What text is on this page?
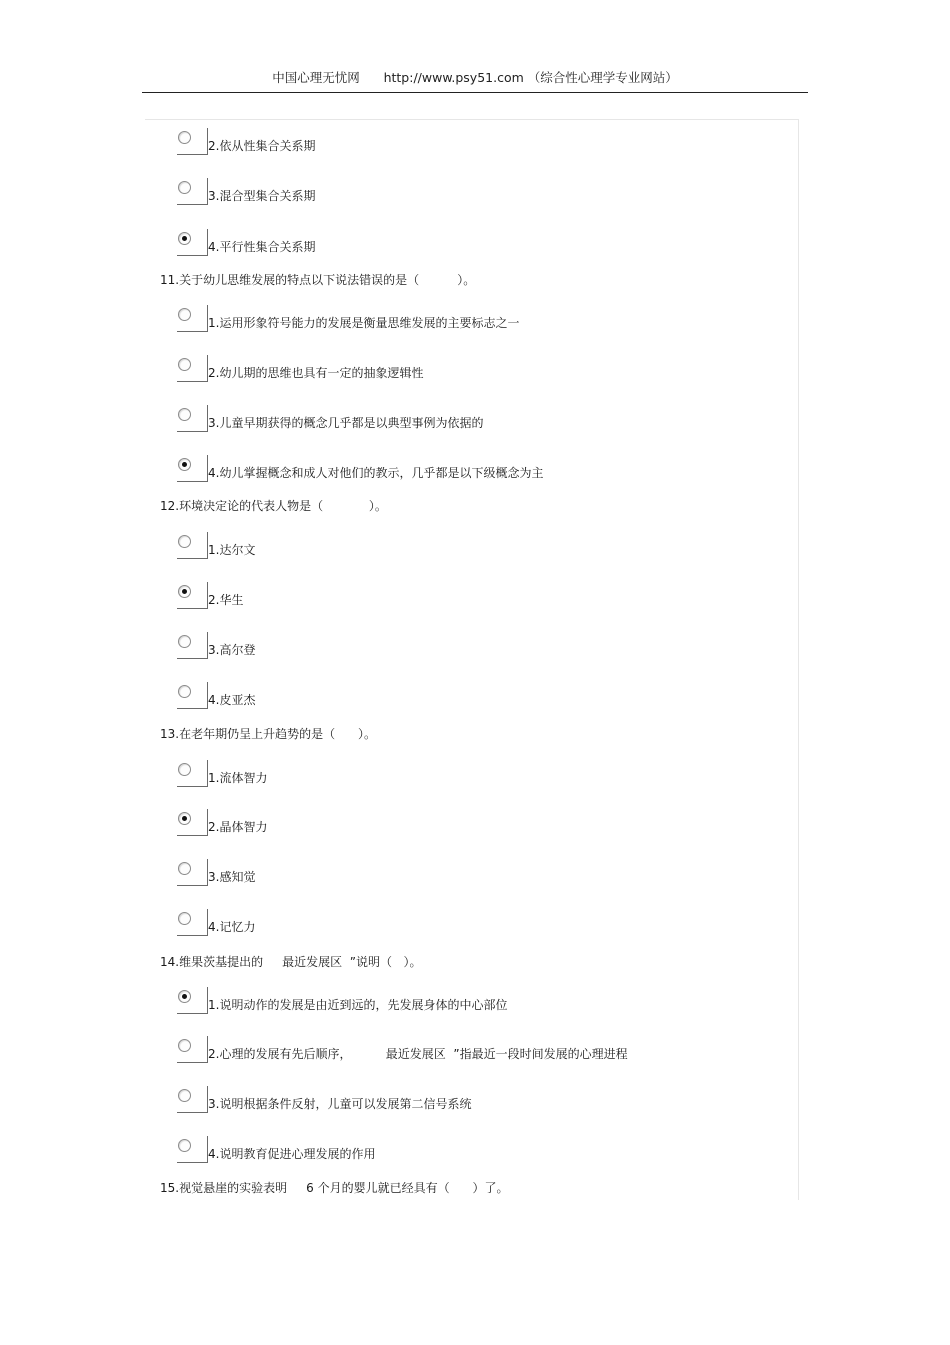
中国心理无忧网      http://www.psy51.com （综合性心理学专业网站）

2.依从性集合关系期

3.混合型集合关系期

4.平行性集合关系期

11.关于幼儿思维发展的特点以下说法错误的是（          ）。

1.运用形象符号能力的发展是衡量思维发展的主要标志之一

2.幼儿期的思维也具有一定的抽象逻辑性

3.儿童早期获得的概念几乎都是以典型事例为依据的

4.幼儿掌握概念和成人对他们的教示，几乎都是以下级概念为主

12.环境决定论的代表人物是（            ）。

1.达尔文

2.华生

3.高尔登

4.皮亚杰

13.在老年期仍呈上升趋势的是（      ）。

1.流体智力

2.晶体智力

3.感知觉

4.记忆力

14.维果茨基提出的     最近发展区  ”说明（   ）。

1.说明动作的发展是由近到远的，先发展身体的中心部位

2.心理的发展有先后顺序，         最近发展区  ”指最近一段时间发展的心理进程

3.说明根据条件反射，儿童可以发展第二信号系统

4.说明教育促进心理发展的作用

15.视觉悬崖的实验表明     6 个月的婴儿就已经具有（      ）了。
